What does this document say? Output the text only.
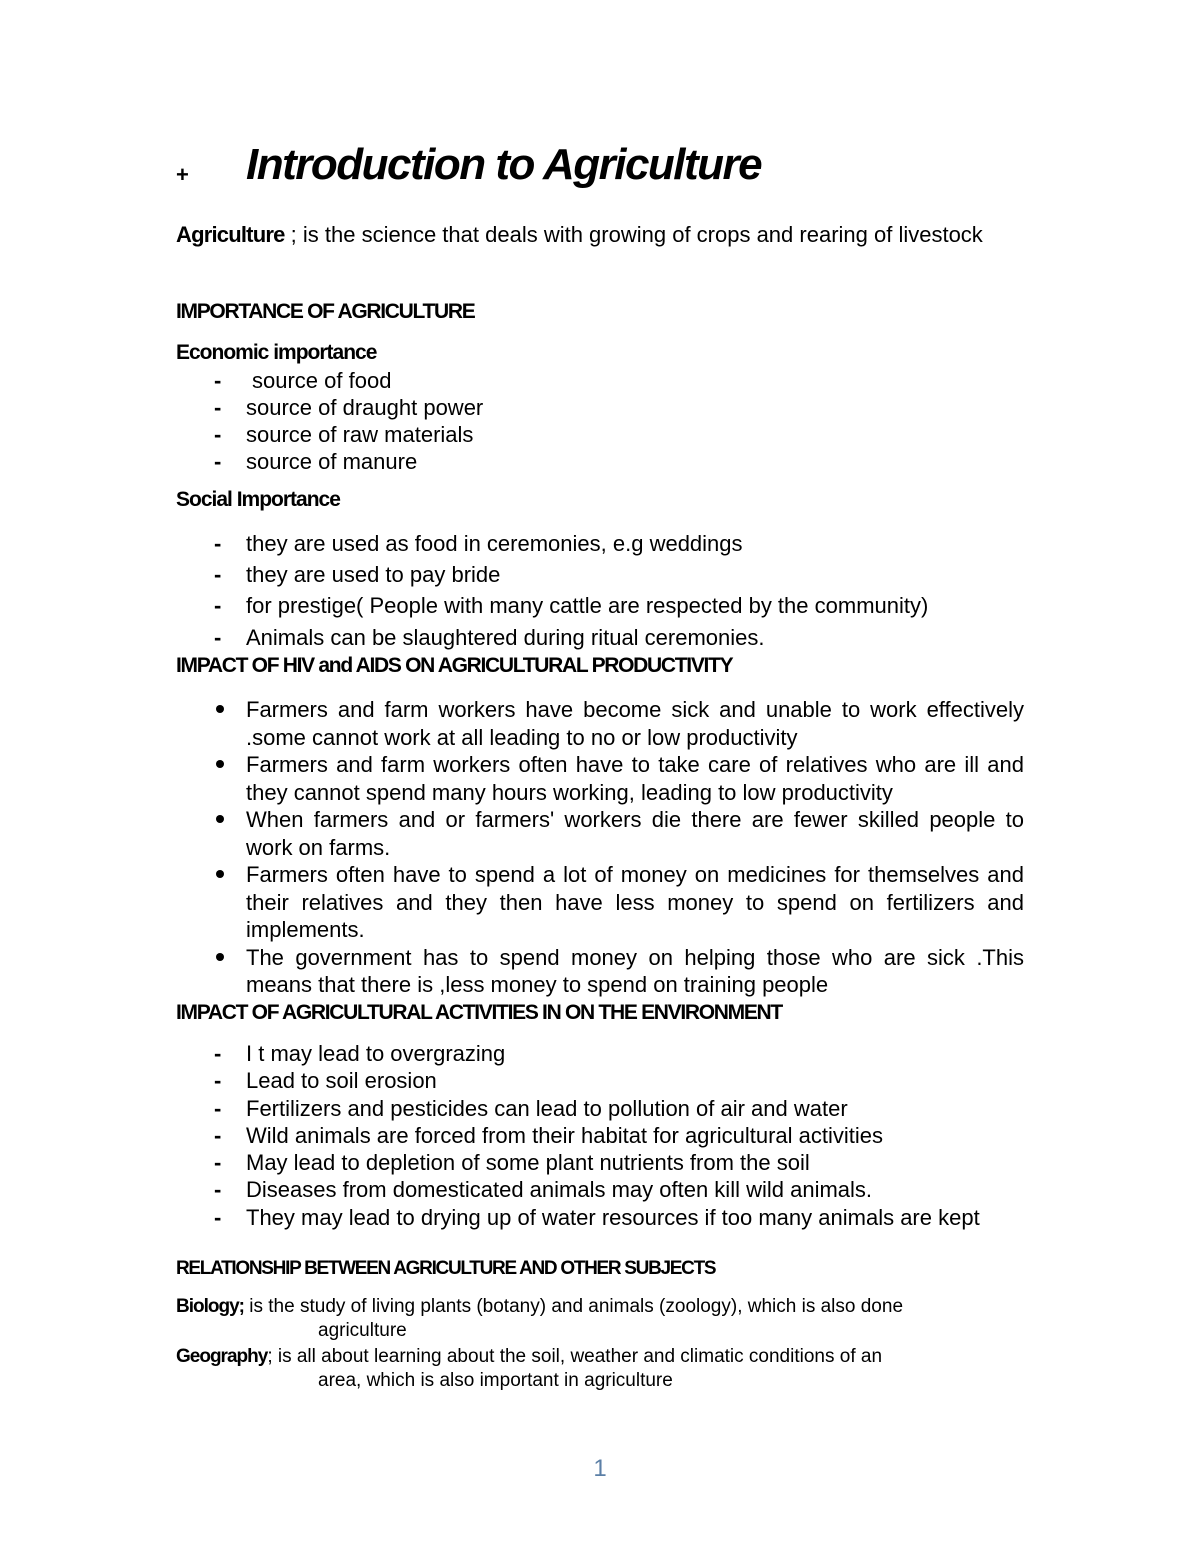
+ Introduction to Agriculture

Agriculture ; is the science that deals with growing of crops and rearing of livestock

IMPORTANCE OF AGRICULTURE
Economic importance
- source of food
- source of draught power
- source of raw materials
- source of manure
Social Importance
- they are used as food in ceremonies, e.g weddings
- they are used to pay bride
- for prestige( People with many cattle are respected by the community)
- Animals can be slaughtered during ritual ceremonies.
IMPACT OF HIV and AIDS ON AGRICULTURAL PRODUCTIVITY
Farmers and farm workers have become sick and unable to work effectively .some cannot work at all leading to no or low productivity
Farmers and farm workers often have to take care of relatives who are ill and they cannot spend many hours working, leading to low productivity
When farmers and or farmers' workers die there are fewer skilled people to work on farms.
Farmers often have to spend a lot of money on medicines for themselves and their relatives and they then have less money to spend on fertilizers and implements.
The government has to spend money on helping those who are sick .This means that there is ,less money to spend on training people
IMPACT OF AGRICULTURAL ACTIVITIES IN ON THE ENVIRONMENT
- I t may lead to overgrazing
- Lead to soil erosion
- Fertilizers and pesticides can lead to pollution of air and water
- Wild animals are forced from their habitat for agricultural activities
- May lead to depletion of some plant nutrients from the soil
- Diseases from domesticated animals may often kill wild animals.
- They may lead to drying up of water resources if too many animals are kept
RELATIONSHIP BETWEEN AGRICULTURE AND OTHER SUBJECTS
Biology; is the study of living plants (botany) and animals (zoology), which is also done
agriculture
Geography; is all about learning about the soil, weather and climatic conditions of an
area, which is also important in agriculture
1
